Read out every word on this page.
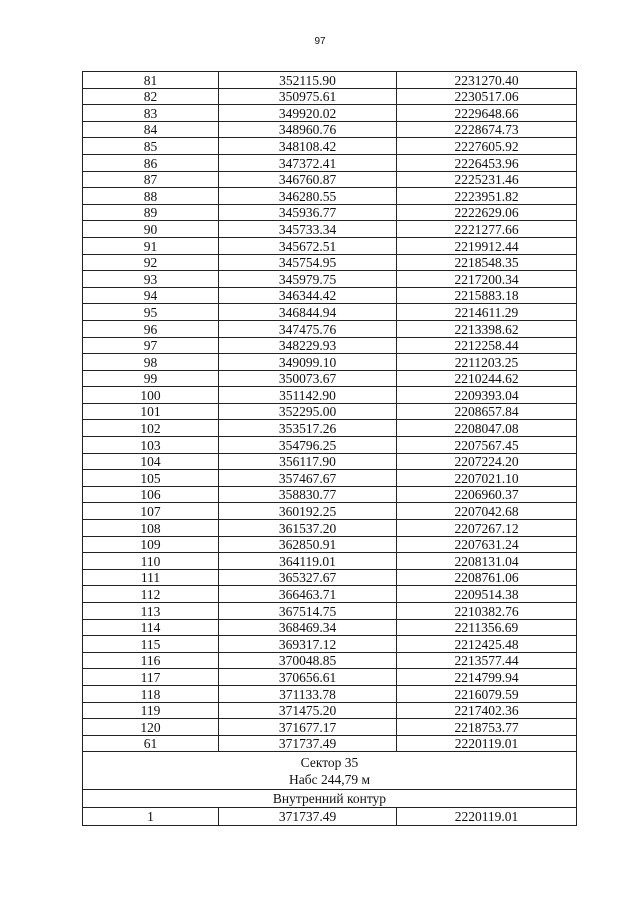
97
81	352115.90	2231270.40
82	350975.61	2230517.06
83	349920.02	2229648.66
84	348960.76	2228674.73
85	348108.42	2227605.92
86	347372.41	2226453.96
87	346760.87	2225231.46
88	346280.55	2223951.82
89	345936.77	2222629.06
90	345733.34	2221277.66
91	345672.51	2219912.44
92	345754.95	2218548.35
93	345979.75	2217200.34
94	346344.42	2215883.18
95	346844.94	2214611.29
96	347475.76	2213398.62
97	348229.93	2212258.44
98	349099.10	2211203.25
99	350073.67	2210244.62
100	351142.90	2209393.04
101	352295.00	2208657.84
102	353517.26	2208047.08
103	354796.25	2207567.45
104	356117.90	2207224.20
105	357467.67	2207021.10
106	358830.77	2206960.37
107	360192.25	2207042.68
108	361537.20	2207267.12
109	362850.91	2207631.24
110	364119.01	2208131.04
111	365327.67	2208761.06
112	366463.71	2209514.38
113	367514.75	2210382.76
114	368469.34	2211356.69
115	369317.12	2212425.48
116	370048.85	2213577.44
117	370656.61	2214799.94
118	371133.78	2216079.59
119	371475.20	2217402.36
120	371677.17	2218753.77
61	371737.49	2220119.01

Сектор 35
Набс 244,79 м		

Внутренний контур		
1	371737.49	2220119.01
